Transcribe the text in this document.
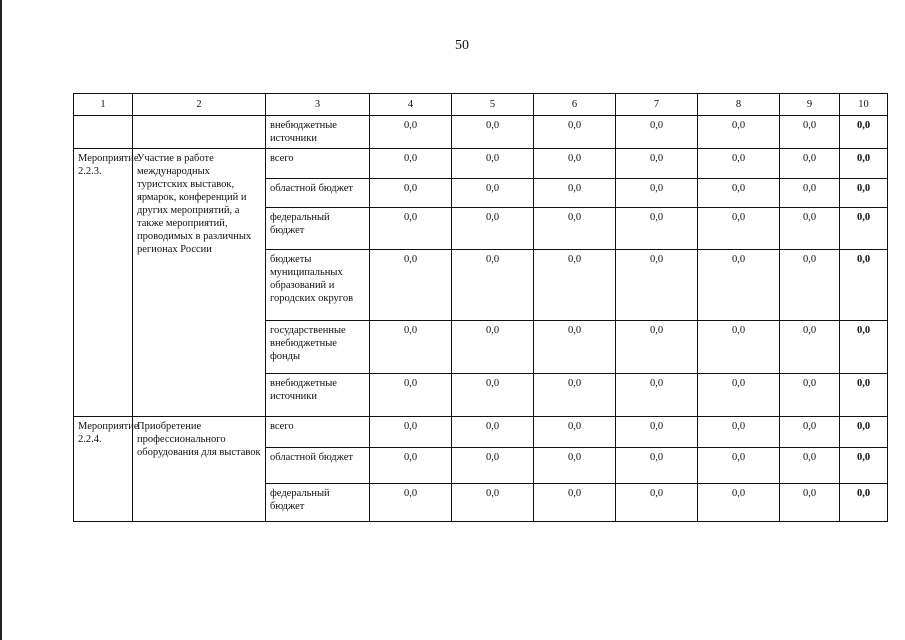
50
1	2	3	4	5	6	7	8	9	10
		внебюджетные источники	0,0	0,0	0,0	0,0	0,0	0,0	0,0
Мероприятие 2.2.3.	Участие в работе международных туристских выставок, ярмарок, конференций и других мероприятий, а также мероприятий, проводимых в различных регионах России	всего	0,0	0,0	0,0	0,0	0,0	0,0	0,0
		областной бюджет	0,0	0,0	0,0	0,0	0,0	0,0	0,0
		федеральный бюджет	0,0	0,0	0,0	0,0	0,0	0,0	0,0
		бюджеты муниципальных образований и городских округов	0,0	0,0	0,0	0,0	0,0	0,0	0,0
		государственные внебюджетные фонды	0,0	0,0	0,0	0,0	0,0	0,0	0,0
		внебюджетные источники	0,0	0,0	0,0	0,0	0,0	0,0	0,0
Мероприятие 2.2.4.	Приобретение профессионального оборудования для выставок	всего	0,0	0,0	0,0	0,0	0,0	0,0	0,0
		областной бюджет	0,0	0,0	0,0	0,0	0,0	0,0	0,0
		федеральный бюджет	0,0	0,0	0,0	0,0	0,0	0,0	0,0
